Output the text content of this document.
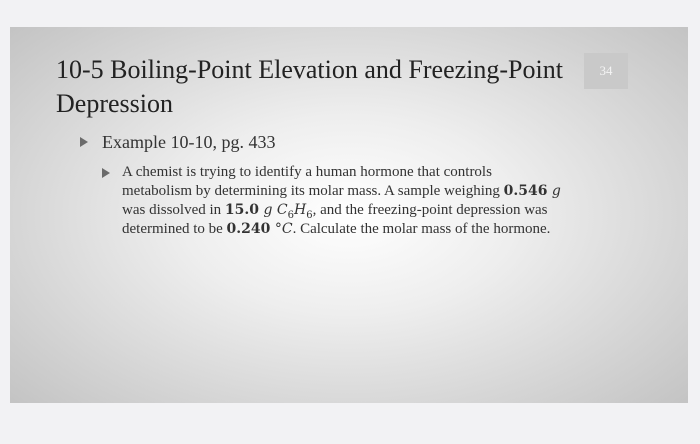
34
10-5 Boiling-Point Elevation and Freezing-Point Depression
Example 10-10, pg. 433
A chemist is trying to identify a human hormone that controls metabolism by determining its molar mass. A sample weighing 0.546 g was dissolved in 15.0 g $C_6H_6$, and the freezing-point depression was determined to be 0.240 °C. Calculate the molar mass of the hormone.
